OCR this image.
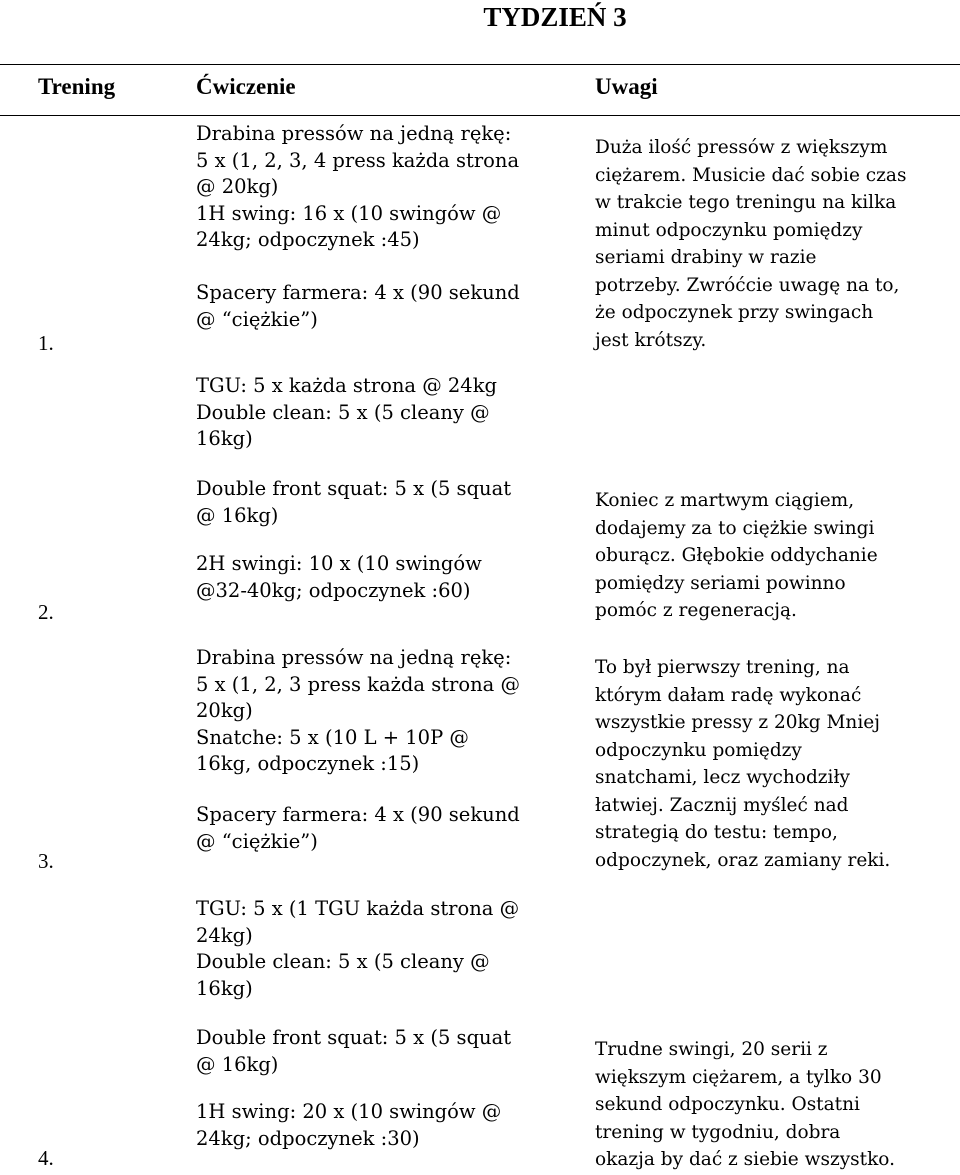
TYDZIEŃ 3
Trening	Ćwiczenie	Uwagi
1.

Drabina pressów na jedną rękę:
5 x (1, 2, 3, 4 press każda strona
@ 20kg)
1H swing: 16 x (10 swingów @
24kg; odpoczynek :45)

Spacery farmera: 4 x (90 sekund
@ “ciężkie”)

Duża ilość pressów z większym
ciężarem. Musicie dać sobie czas
w trakcie tego treningu na kilka
minut odpoczynku pomiędzy
seriami drabiny w razie
potrzeby. Zwróćcie uwagę na to,
że odpoczynek przy swingach
jest krótszy.

2.

TGU: 5 x każda strona @ 24kg
Double clean: 5 x (5 cleany @
16kg)

Double front squat: 5 x (5 squat
@ 16kg)

2H swingi: 10 x (10 swingów
@32-40kg; odpoczynek :60)

Koniec z martwym ciągiem,
dodajemy za to ciężkie swingi
oburącz. Głębokie oddychanie
pomiędzy seriami powinno
pomóc z regeneracją.

3.

Drabina pressów na jedną rękę:
5 x (1, 2, 3 press każda strona @
20kg)
Snatche: 5 x (10 L + 10P @
16kg, odpoczynek :15)

Spacery farmera: 4 x (90 sekund
@ “ciężkie”)

To był pierwszy trening, na
którym dałam radę wykonać
wszystkie pressy z 20kg Mniej
odpoczynku pomiędzy
snatchami, lecz wychodziły
łatwiej. Zacznij myśleć nad
strategią do testu: tempo,
odpoczynek, oraz zamiany reki.

4.

TGU: 5 x (1 TGU każda strona @
24kg)
Double clean: 5 x (5 cleany @
16kg)

Double front squat: 5 x (5 squat
@ 16kg)

1H swing: 20 x (10 swingów @
24kg; odpoczynek :30)

Trudne swingi, 20 serii z
większym ciężarem, a tylko 30
sekund odpoczynku. Ostatni
trening w tygodniu, dobra
okazja by dać z siebie wszystko.
